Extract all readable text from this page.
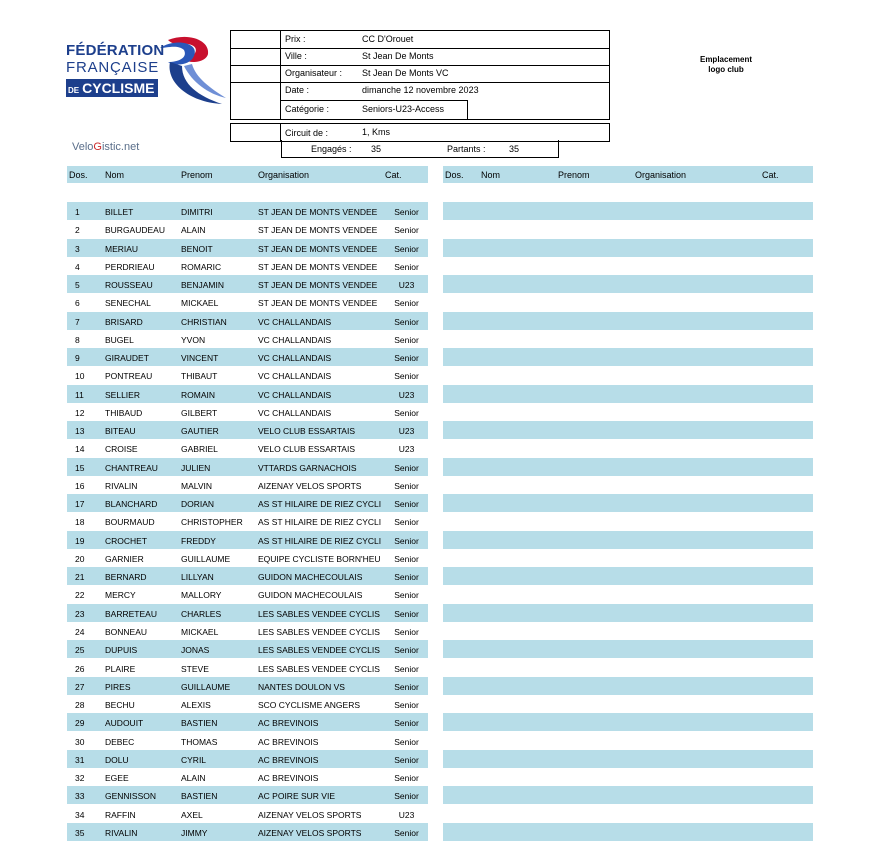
FÉDÉRATION
FRANÇAISE
DE CYCLISME
VeloGistic.net
Prix :	CC D'Orouet
Ville :	St Jean De Monts
Organisateur : St Jean De Monts VC
Date :	dimanche 12 novembre 2023
Catégorie :	Seniors-U23-Access
Circuit de :	1, Kms
Engagés : 35	Partants :	35
Emplacement
logo club
Dos. Nom	Prenom	Organisation	Cat.	Dos. Nom	Prenom	Organisation	Cat.
1	BILLET	DIMITRI	ST JEAN DE MONTS VENDEE	Senior
2	BURGAUDEAU	ALAIN	ST JEAN DE MONTS VENDEE	Senior
3	MERIAU	BENOIT	ST JEAN DE MONTS VENDEE	Senior
4	PERDRIEAU	ROMARIC	ST JEAN DE MONTS VENDEE	Senior
5	ROUSSEAU	BENJAMIN	ST JEAN DE MONTS VENDEE	U23
6	SENECHAL	MICKAEL	ST JEAN DE MONTS VENDEE	Senior
7	BRISARD	CHRISTIAN	VC CHALLANDAIS	Senior
8	BUGEL	YVON	VC CHALLANDAIS	Senior
9	GIRAUDET	VINCENT	VC CHALLANDAIS	Senior
10	PONTREAU	THIBAUT	VC CHALLANDAIS	Senior
11	SELLIER	ROMAIN	VC CHALLANDAIS	U23
12	THIBAUD	GILBERT	VC CHALLANDAIS	Senior
13	BITEAU	GAUTIER	VELO CLUB ESSARTAIS	U23
14	CROISE	GABRIEL	VELO CLUB ESSARTAIS	U23
15	CHANTREAU	JULIEN	VTTARDS GARNACHOIS	Senior
16	RIVALIN	MALVIN	AIZENAY VELOS SPORTS	Senior
17	BLANCHARD	DORIAN	AS ST HILAIRE DE RIEZ CYCLI	Senior
18	BOURMAUD	CHRISTOPHER	AS ST HILAIRE DE RIEZ CYCLI	Senior
19	CROCHET	FREDDY	AS ST HILAIRE DE RIEZ CYCLI	Senior
20	GARNIER	GUILLAUME	EQUIPE CYCLISTE BORN'HEU	Senior
21	BERNARD	LILLYAN	GUIDON MACHECOULAIS	Senior
22	MERCY	MALLORY	GUIDON MACHECOULAIS	Senior
23	BARRETEAU	CHARLES	LES SABLES VENDEE CYCLIS	Senior
24	BONNEAU	MICKAEL	LES SABLES VENDEE CYCLIS	Senior
25	DUPUIS	JONAS	LES SABLES VENDEE CYCLIS	Senior
26	PLAIRE	STEVE	LES SABLES VENDEE CYCLIS	Senior
27	PIRES	GUILLAUME	NANTES DOULON VS	Senior
28	BECHU	ALEXIS	SCO CYCLISME ANGERS	Senior
29	AUDOUIT	BASTIEN	AC BREVINOIS	Senior
30	DEBEC	THOMAS	AC BREVINOIS	Senior
31	DOLU	CYRIL	AC BREVINOIS	Senior
32	EGEE	ALAIN	AC BREVINOIS	Senior
33	GENNISSON	BASTIEN	AC POIRE SUR VIE	Senior
34	RAFFIN	AXEL	AIZENAY VELOS SPORTS	U23
35	RIVALIN	JIMMY	AIZENAY VELOS SPORTS	Senior
